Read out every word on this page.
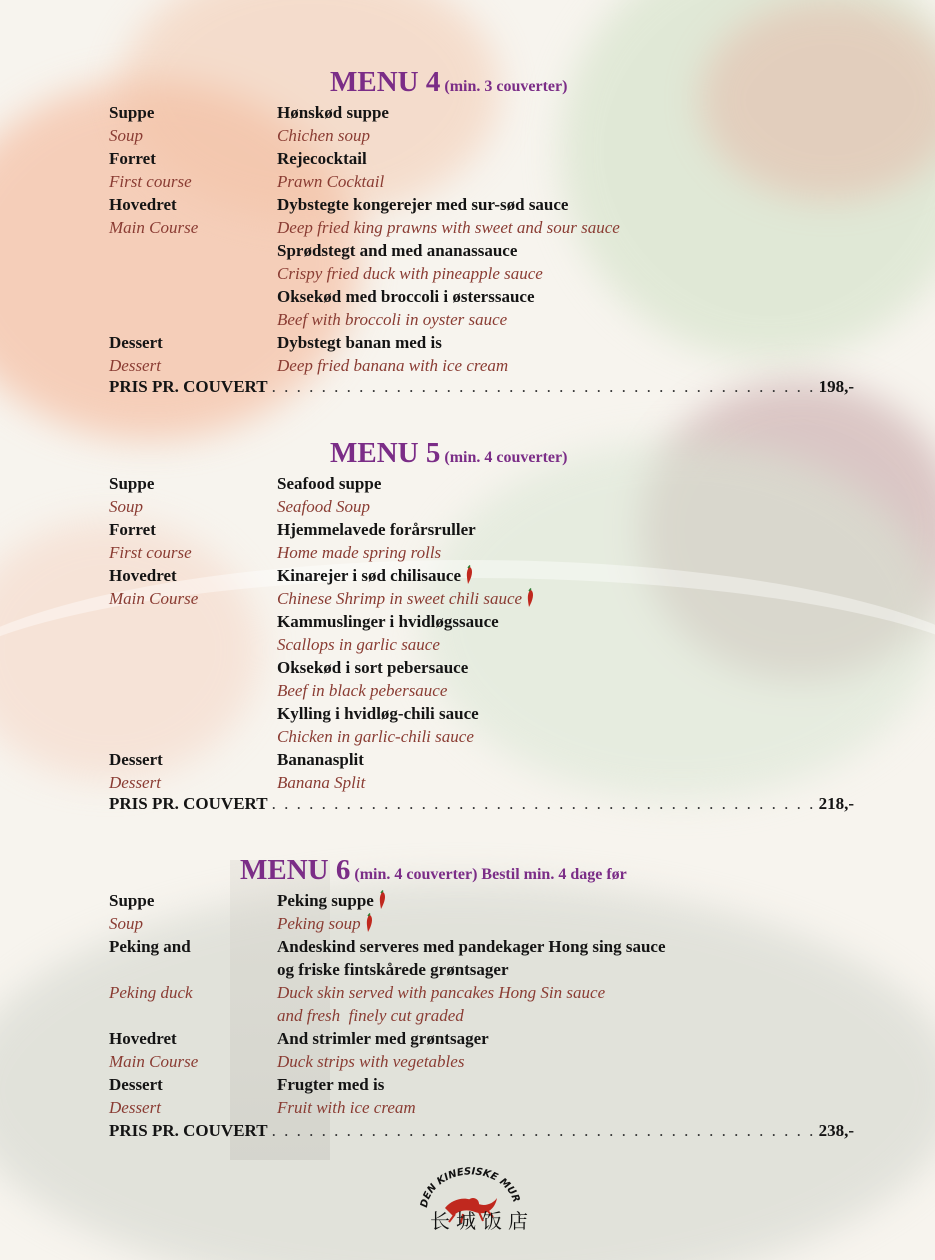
MENU 4 (min. 3 couverter)
Suppe	Hønskød suppe
Soup	Chichen soup
Forret	Rejecocktail
First course	Prawn Cocktail
Hovedret	Dybstegte kongerejer med sur-sød sauce
Main Course	Deep fried king prawns with sweet and sour sauce
Sprødstegt and med ananassauce
Crispy fried duck with pineapple sauce
Oksekød med broccoli i østerssauce
Beef with broccoli in oyster sauce
Dessert	Dybstegt banan med is
Dessert	Deep fried banana with ice cream
PRIS PR. COUVERT . . .	198,-
MENU 5 (min. 4 couverter)
Suppe	Seafood suppe
Soup	Seafood Soup
Forret	Hjemmelavede forårsruller
First course	Home made spring rolls
Hovedret	Kinarejer i sød chilisauce
Main Course	Chinese Shrimp in sweet chili sauce
Kammuslinger i hvidløgssauce
Scallops in garlic sauce
Oksekød i sort pebersauce
Beef in black pebersauce
Kylling i hvidløg-chili sauce
Chicken in garlic-chili sauce
Dessert	Bananasplit
Dessert	Banana Split
PRIS PR. COUVERT . . .	218,-
MENU 6 (min. 4 couverter) Bestil min. 4 dage før
Suppe	Peking suppe
Soup	Peking soup
Peking and	Andeskind serveres med pandekager Hong sing sauce
og friske fintskårede grøntsager
Peking duck	Duck skin served with pancakes Hong Sin sauce
and fresh  finely cut graded
Hovedret	And strimler med grøntsager
Main Course	Duck strips with vegetables
Dessert	Frugter med is
Dessert	Fruit with ice cream
PRIS PR. COUVERT . . .	238,-
DEN KINESISKE MUR
长城饭店
